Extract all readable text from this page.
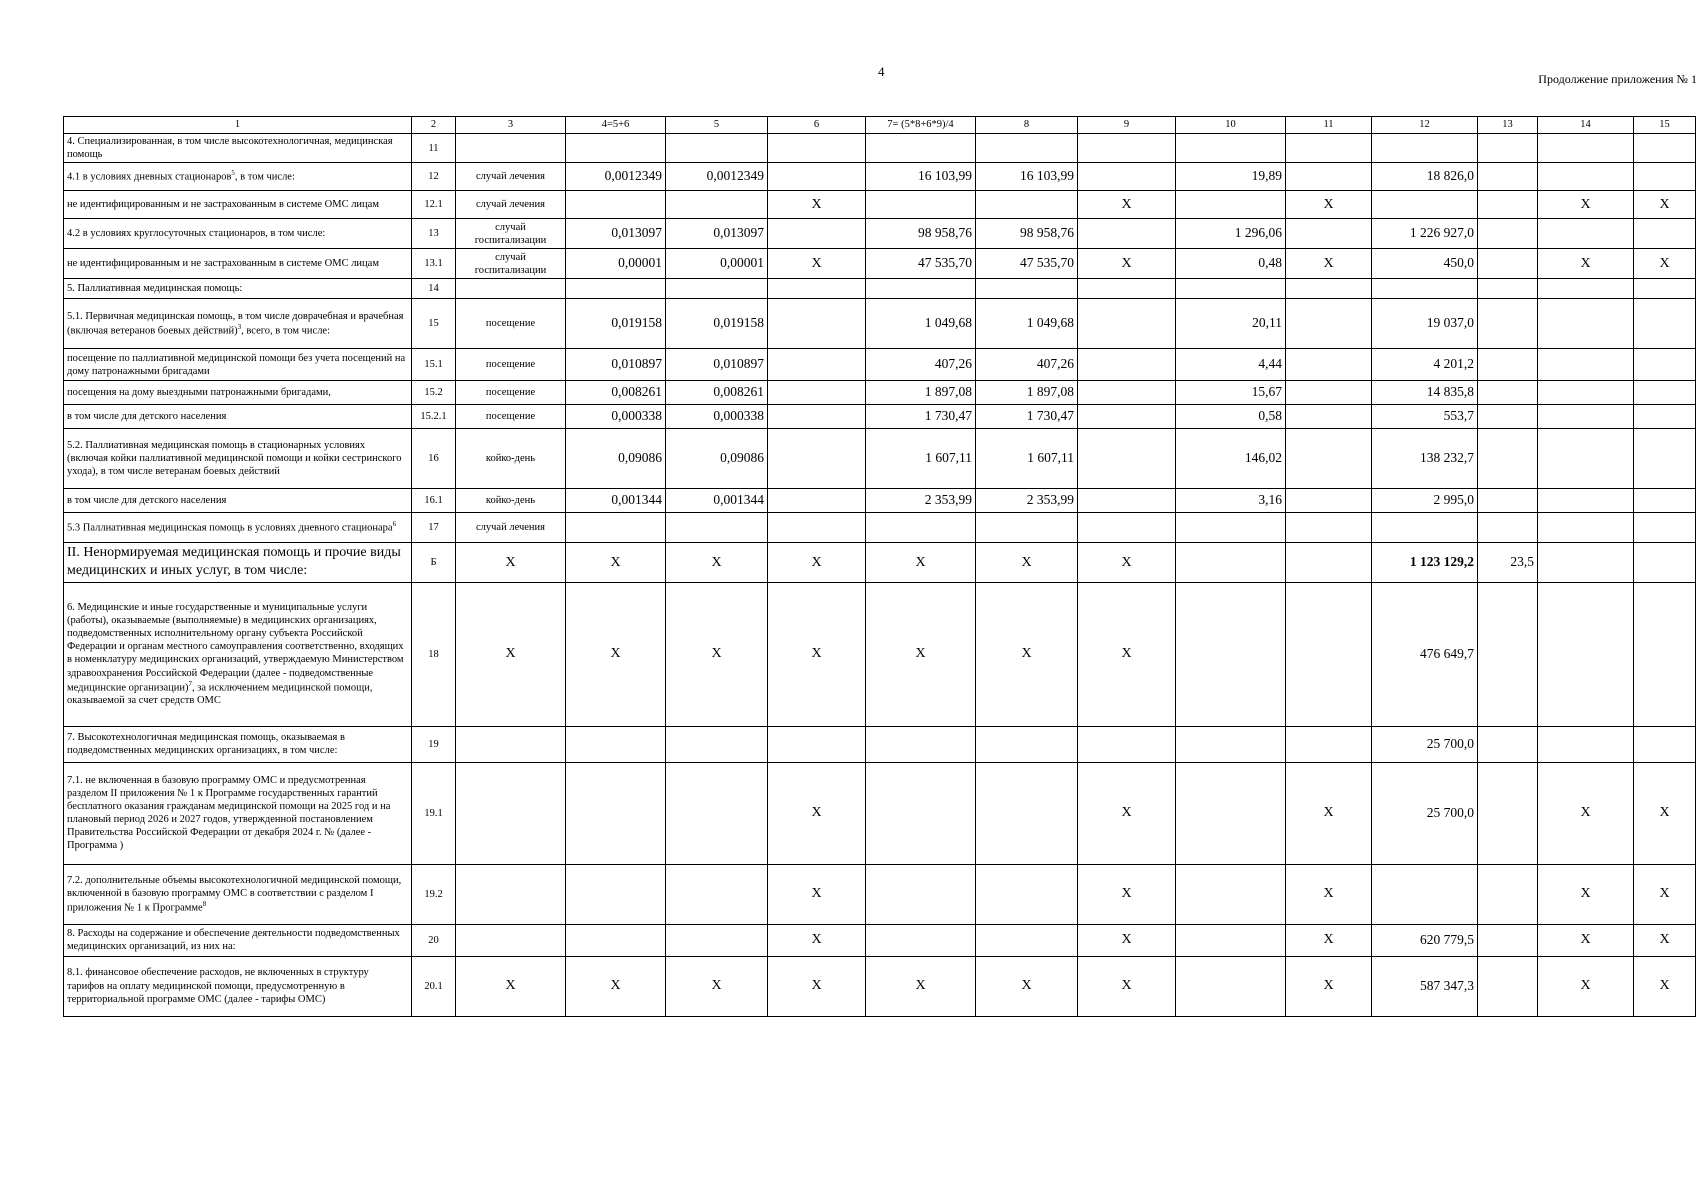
4	Продолжение приложения № 1
1	2	3	4=5+6	5	6	7= (5*8+6*9)/4	8	9	10	11	12	13	14	15
4. Специализированная, в том числе высокотехнологичная, медицинская помощь	11													
4.1 в условиях дневных стационаров$^5$, в том числе:	12	случай лечения	0,0012349	0,0012349		16 103,99	16 103,99		19,89		18 826,0			
не идентифицированным и не застрахованным в системе ОМС лицам	12.1	случай лечения			X			X		X			X	X
4.2 в условиях круглосуточных стационаров, в том числе:	13	случай госпитализации	0,013097	0,013097		98 958,76	98 958,76		1 296,06		1 226 927,0			
не идентифицированным и не застрахованным в системе ОМС лицам	13.1	случай госпитализации	0,00001	0,00001	X	47 535,70	47 535,70	X	0,48	X	450,0		X	X
5. Паллиативная медицинская помощь:	14													
5.1. Первичная медицинская помощь, в том числе доврачебная и врачебная (включая ветеранов боевых действий)$^3$, всего, в том числе:	15	посещение	0,019158	0,019158		1 049,68	1 049,68		20,11		19 037,0			
посещение по паллиативной медицинской помощи без учета посещений на дому патронажными бригадами	15.1	посещение	0,010897	0,010897		407,26	407,26		4,44		4 201,2			
посещения на дому выездными патронажными бригадами,	15.2	посещение	0,008261	0,008261		1 897,08	1 897,08		15,67		14 835,8			
в том числе для детского населения	15.2.1	посещение	0,000338	0,000338		1 730,47	1 730,47		0,58		553,7			
5.2. Паллиативная медицинская помощь в стационарных условиях (включая койки паллиативной медицинской помощи и койки сестринского ухода), в том числе ветеранам боевых действий	16	койко-день	0,09086	0,09086		1 607,11	1 607,11		146,02		138 232,7			
в том числе для детского населения	16.1	койко-день	0,001344	0,001344		2 353,99	2 353,99		3,16		2 995,0			
5.3 Паллиативная медицинская помощь в условиях дневного стационара$^6$	17	случай лечения												
II. Ненормируемая медицинская помощь и прочие виды медицинских и иных услуг, в том числе:	Б	X	X	X	X	X	X	X			1 123 129,2	23,5		
6. Медицинские и иные государственные и муниципальные услуги (работы), оказываемые (выполняемые) в медицинских организациях, подведомственных исполнительному органу субъекта Российской Федерации и органам местного самоуправления соответственно, входящих в номенклатуру медицинских организаций, утверждаемую Министерством здравоохранения Российской Федерации (далее - подведомственные медицинские организации)$^7$, за исключением медицинской помощи, оказываемой за счет средств ОМС	18	X	X	X	X	X	X	X			476 649,7			
7. Высокотехнологичная медицинская помощь, оказываемая в подведомственных медицинских организациях, в том числе:	19										25 700,0			
7.1. не включенная в базовую программу ОМС и предусмотренная разделом II приложения № 1 к Программе государственных гарантий бесплатного оказания гражданам медицинской помощи на 2025 год и на плановый период 2026 и 2027 годов, утвержденной постановлением Правительства Российской Федерации от декабря 2024 г. № (далее - Программа )	19.1				X			X		X	25 700,0		X	X
7.2. дополнительные объемы высокотехнологичной медицинской помощи, включенной в базовую программу ОМС в соответствии с разделом I приложения № 1 к Программе$^8$	19.2				X			X		X			X	X
8. Расходы на содержание и обеспечение деятельности подведомственных медицинских организаций, из них на:	20				X			X		X	620 779,5		X	X
8.1. финансовое обеспечение расходов, не включенных в структуру тарифов на оплату медицинской помощи, предусмотренную в территориальной программе ОМС (далее - тарифы ОМС)	20.1	X	X	X	X	X	X	X		X	587 347,3		X	X
